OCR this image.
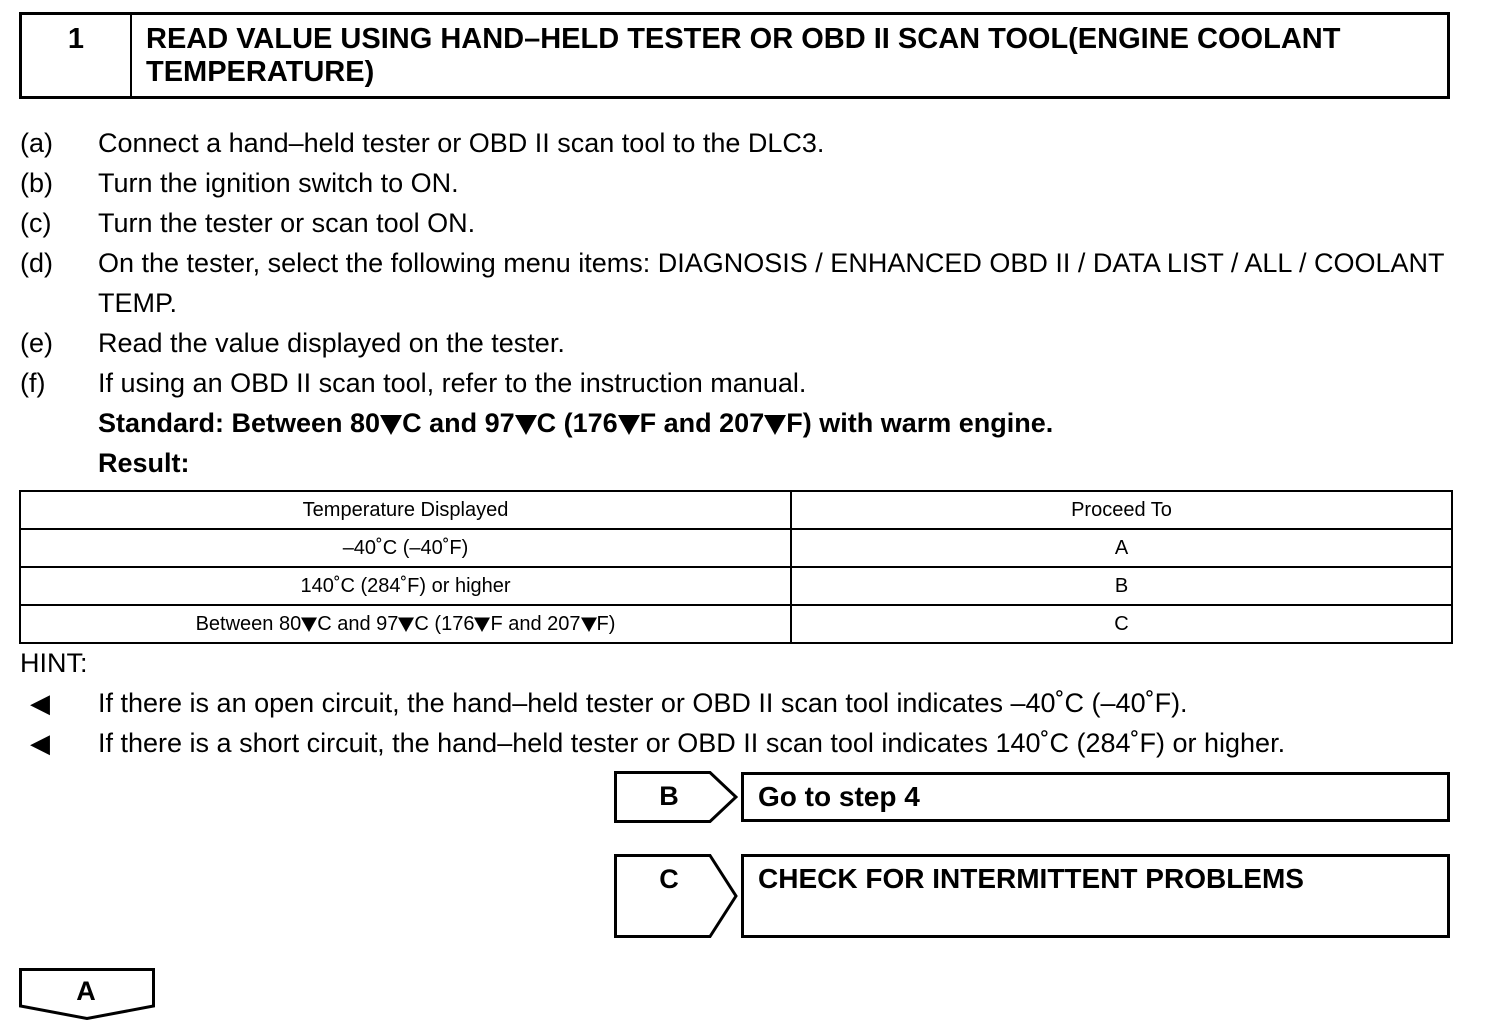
1	READ VALUE USING HAND–HELD TESTER OR OBD II SCAN TOOL(ENGINE COOLANT TEMPERATURE)
(a)	Connect a hand–held tester or OBD II scan tool to the DLC3.
(b)	Turn the ignition switch to ON.
(c)	Turn the tester or scan tool ON.
(d)	On the tester, select the following menu items: DIAGNOSIS / ENHANCED OBD II / DATA LIST / ALL / COOLANT TEMP.
(e)	Read the value displayed on the tester.
(f)	If using an OBD II scan tool, refer to the instruction manual.
Standard: Between 80 C and 97 C (176 F and 207 F) with warm engine.
Result:
Temperature Displayed	Proceed To
–40˚C (–40˚F)	A
140˚C (284˚F) or higher	B
Between 80 C and 97 C (176 F and 207 F)	C
HINT:
◀	If there is an open circuit, the hand–held tester or OBD II scan tool indicates –40˚C (–40˚F).
◀	If there is a short circuit, the hand–held tester or OBD II scan tool indicates 140˚C (284˚F) or higher.
B	Go to step 4
C	CHECK FOR INTERMITTENT PROBLEMS
A
